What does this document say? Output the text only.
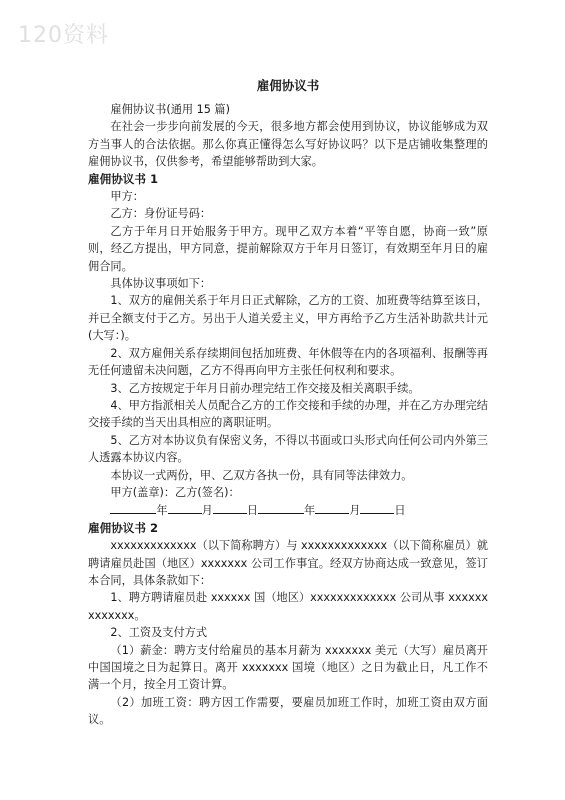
120资料
雇佣协议书

雇佣协议书(通用 15 篇)

在社会一步步向前发展的今天，很多地方都会使用到协议，协议能够成为双方当事人的合法依据。那么你真正懂得怎么写好协议吗？以下是店铺收集整理的雇佣协议书，仅供参考，希望能够帮助到大家。

雇佣协议书 1

甲方：

乙方：身份证号码：

乙方于年月日开始服务于甲方。现甲乙双方本着“平等自愿，协商一致”原则，经乙方提出，甲方同意，提前解除双方于年月日签订，有效期至年月日的雇佣合同。

具体协议事项如下：

1、双方的雇佣关系于年月日正式解除，乙方的工资、加班费等结算至该日，并已全额支付于乙方。另出于人道关爱主义，甲方再给予乙方生活补助款共计元(大写：)。

2、双方雇佣关系存续期间包括加班费、年休假等在内的各项福利、报酬等再无任何遗留未决问题，乙方不得再向甲方主张任何权利和要求。

3、乙方按规定于年月日前办理完结工作交接及相关离职手续。

4、甲方指派相关人员配合乙方的工作交接和手续的办理，并在乙方办理完结交接手续的当天出具相应的离职证明。

5、乙方对本协议负有保密义务，不得以书面或口头形式向任何公司内外第三人透露本协议内容。

本协议一式两份，甲、乙双方各执一份，具有同等法律效力。

甲方(盖章)：乙方(签名)：

年	月	日	年	月	日

雇佣协议书 2

xxxxxxxxxxxxx（以下简称聘方）与 xxxxxxxxxxxxx（以下简称雇员）就聘请雇员赴国（地区）xxxxxxx 公司工作事宜。经双方协商达成一致意见，签订本合同，具体条款如下：

1、聘方聘请雇员赴 xxxxxx 国（地区）xxxxxxxxxxxxx 公司从事 xxxxxxxxxxxxx。

2、工资及支付方式

（1）薪金：聘方支付给雇员的基本月薪为 xxxxxxx 美元（大写）雇员离开中国国境之日为起算日。离开 xxxxxxx 国境（地区）之日为截止日，凡工作不满一个月，按全月工资计算。

（2）加班工资：聘方因工作需要，要雇员加班工作时，加班工资由双方面议。
